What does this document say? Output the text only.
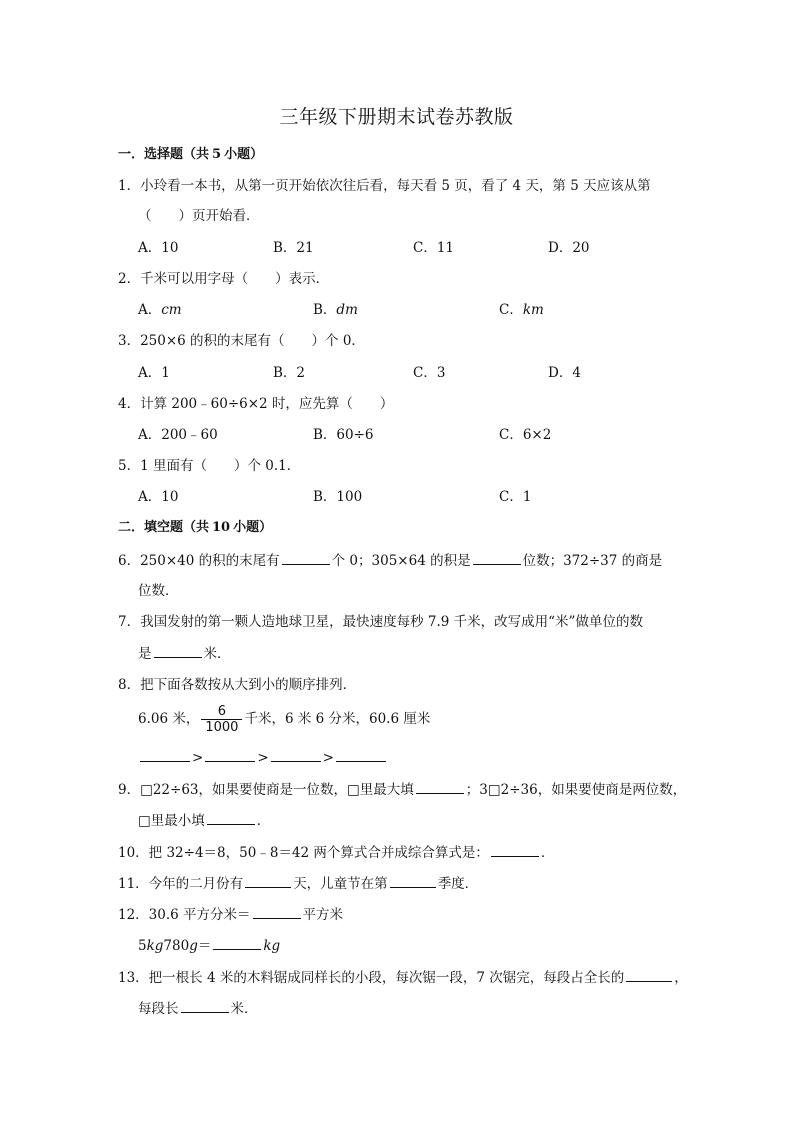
三年级下册期末试卷苏教版
一．选择题（共 5 小题）
1．小玲看一本书，从第一页开始依次往后看，每天看 5 页，看了 4 天，第 5 天应该从第
（　　）页开始看．
A．10	B．21	C．11	D．20
2．千米可以用字母（　　）表示．
A．cm	B．dm	C．km
3．250×6 的积的末尾有（　　）个 0．
A．1	B．2	C．3	D．4
4．计算 200﹣60÷6×2 时，应先算（　　）
A．200﹣60	B．60÷6	C．6×2
5．1 里面有（　　）个 0.1．
A．10	B．100	C．1
二．填空题（共 10 小题）
6．250×40 的积的末尾有	个 0；305×64 的积是	位数；372÷37 的商是
位数．
7．我国发射的第一颗人造地球卫星，最快速度每秒 7.9 千米，改写成用“米”做单位的数
是	米．
8．把下面各数按从大到小的顺序排列．
6.06 米， $\frac{6}{1000}$ 千米，6 米 6 分米，60.6 厘米
>	>	>
9．□22÷63，如果要使商是一位数，□里最大填	；3□2÷36，如果要使商是两位数，
□里最小填	．
10．把 32÷4＝8，50﹣8＝42 两个算式合并成综合算式是：	．
11．今年的二月份有	天，儿童节在第	季度．
12．30.6 平方分米＝	平方米
5kg780g＝	kg
13．把一根长 4 米的木料锯成同样长的小段，每次锯一段，7 次锯完，每段占全长的	，
每段长	米．
